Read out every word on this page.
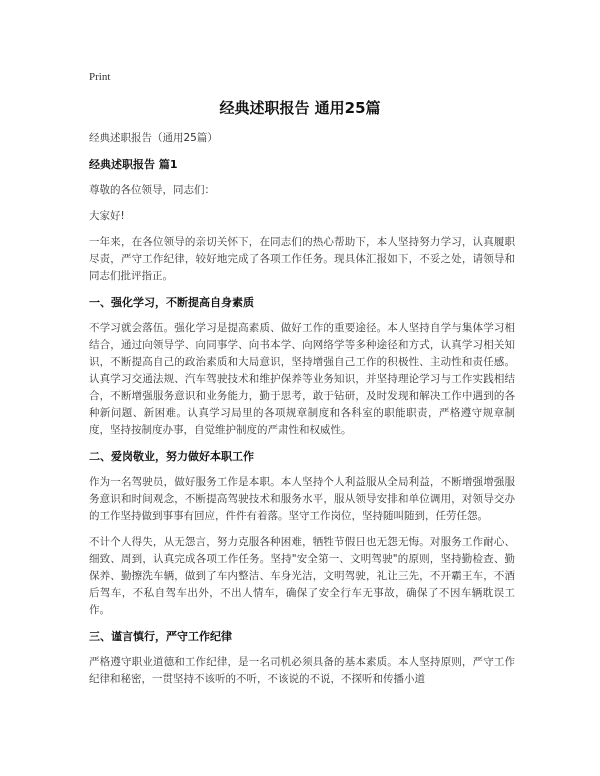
Print
经典述职报告 通用25篇

经典述职报告（通用25篇）

经典述职报告 篇1

尊敬的各位领导，同志们：

大家好!

一年来，在各位领导的亲切关怀下，在同志们的热心帮助下，本人坚持努力学习，认真履职尽责，严守工作纪律，较好地完成了各项工作任务。现具体汇报如下，不妥之处，请领导和同志们批评指正。

一、强化学习，不断提高自身素质

不学习就会落伍。强化学习是提高素质、做好工作的重要途径。本人坚持自学与集体学习相结合，通过向领导学、向同事学、向书本学、向网络学等多种途径和方式，认真学习相关知识，不断提高自己的政治素质和大局意识，坚持增强自己工作的积极性、主动性和责任感。认真学习交通法规、汽车驾驶技术和维护保养等业务知识，并坚持理论学习与工作实践相结合，不断增强服务意识和业务能力，勤于思考，敢于钻研，及时发现和解决工作中遇到的各种新问题、新困难。认真学习局里的各项规章制度和各科室的职能职责，严格遵守规章制度，坚持按制度办事，自觉维护制度的严肃性和权威性。

二、爱岗敬业，努力做好本职工作

作为一名驾驶员，做好服务工作是本职。本人坚持个人利益服从全局利益，不断增强增强服务意识和时间观念，不断提高驾驶技术和服务水平，服从领导安排和单位调用，对领导交办的工作坚持做到事事有回应，件件有着落。坚守工作岗位，坚持随叫随到，任劳任怨。

不计个人得失，从无怨言，努力克服各种困难，牺牲节假日也无怨无悔。对服务工作耐心、细致、周到，认真完成各项工作任务。坚持"安全第一、文明驾驶"的原则，坚持勤检查、勤保养、勤擦洗车辆，做到了车内整洁、车身光洁，文明驾驶，礼让三先，不开霸王车，不酒后驾车，不私自驾车出外，不出人情车，确保了安全行车无事故，确保了不因车辆耽误工作。

三、谨言慎行，严守工作纪律

严格遵守职业道德和工作纪律，是一名司机必须具备的基本素质。本人坚持原则，严守工作纪律和秘密，一贯坚持不该听的不听，不该说的不说，不探听和传播小道
